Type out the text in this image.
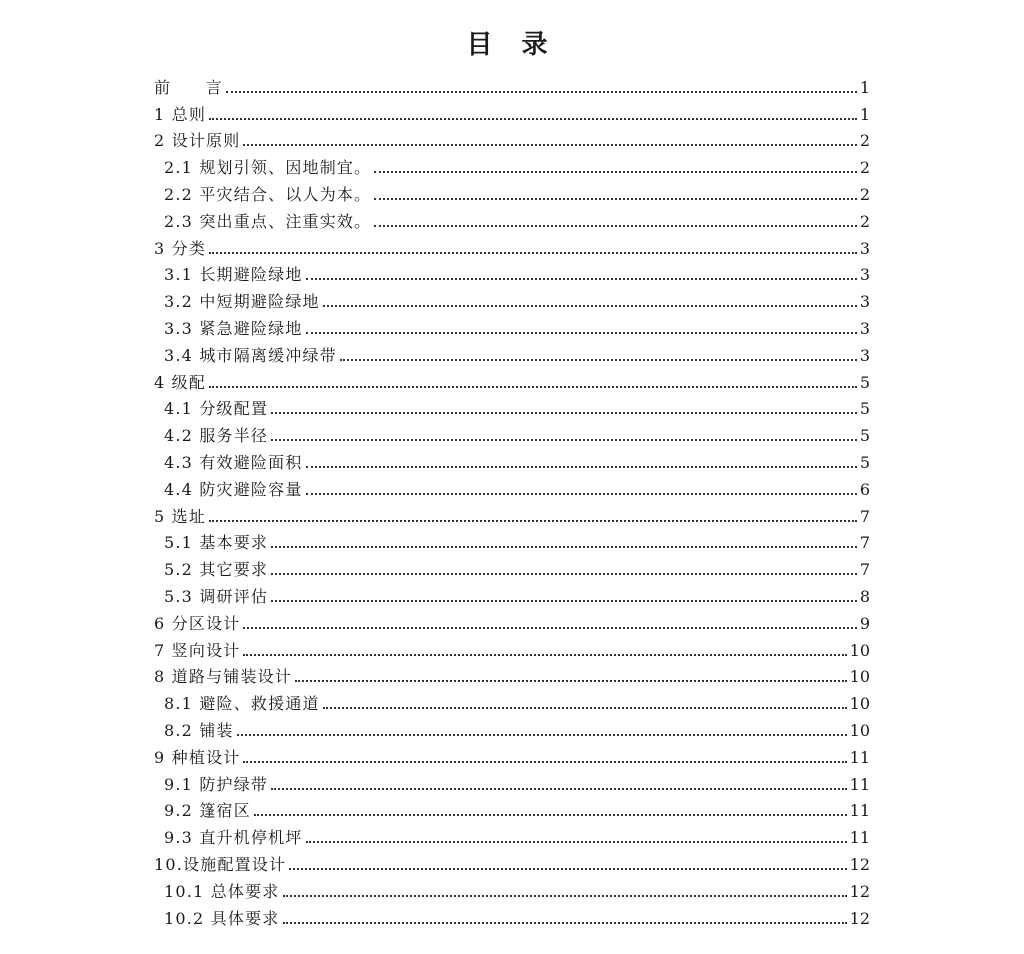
目 录
前　　言	1
1 总则	1
2 设计原则	2
2.1 规划引领、因地制宜。	2
2.2 平灾结合、以人为本。	2
2.3 突出重点、注重实效。	2
3 分类	3
3.1 长期避险绿地	3
3.2 中短期避险绿地	3
3.3 紧急避险绿地	3
3.4 城市隔离缓冲绿带	3
4 级配	5
4.1 分级配置	5
4.2 服务半径	5
4.3 有效避险面积	5
4.4 防灾避险容量	6
5 选址	7
5.1 基本要求	7
5.2 其它要求	7
5.3 调研评估	8
6 分区设计	9
7 竖向设计	10
8 道路与铺装设计	10
8.1 避险、救援通道	10
8.2 铺装	10
9 种植设计	11
9.1 防护绿带	11
9.2 篷宿区	11
9.3 直升机停机坪	11
10.设施配置设计	12
10.1 总体要求	12
10.2 具体要求	12
